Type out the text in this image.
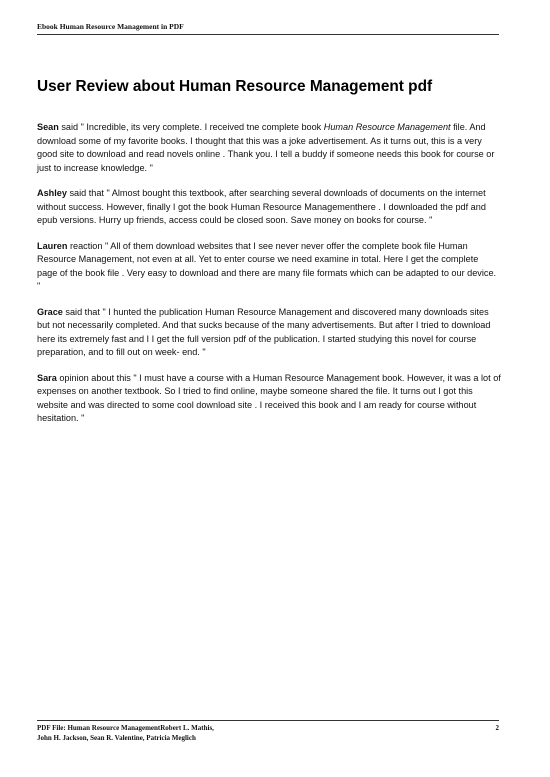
Ebook Human Resource Management in PDF
User Review about Human Resource Management pdf

Sean said " Incredible, its very complete. I received tne complete book Human Resource Management file. And download some of my favorite books. I thought that this was a joke advertisement. As it turns out, this is a very good site to download and read novels online . Thank you. I tell a buddy if someone needs this book for course or just to increase knowledge. "

Ashley said that " Almost bought this textbook, after searching several downloads of documents on the internet without success. However, finally I got the book Human Resource Managementhere . I downloaded the pdf and epub versions. Hurry up friends, access could be closed soon. Save money on books for course. "

Lauren reaction " All of them download websites that I see never never offer the complete book file Human Resource Management, not even at all. Yet to enter course we need examine in total. Here I get the complete page of the book file . Very easy to download and there are many file formats which can be adapted to our device. "

Grace said that " I hunted the publication Human Resource Management and discovered many downloads sites but not necessarily completed. And that sucks because of the many advertisements. But after I tried to download here its extremely fast and I I get the full version pdf of the publication. I started studying this novel for course preparation, and to fill out on week- end. "

Sara opinion about this " I must have a course with a Human Resource Management book. However, it was a lot of expenses on another textbook. So I tried to find online, maybe someone shared the file. It turns out I got this website and was directed to some cool download site . I received this book and I am ready for course without hesitation. "

PDF File: Human Resource ManagementRobert L. Mathis, John H. Jackson, Sean R. Valentine, Patricia Meglich
2
